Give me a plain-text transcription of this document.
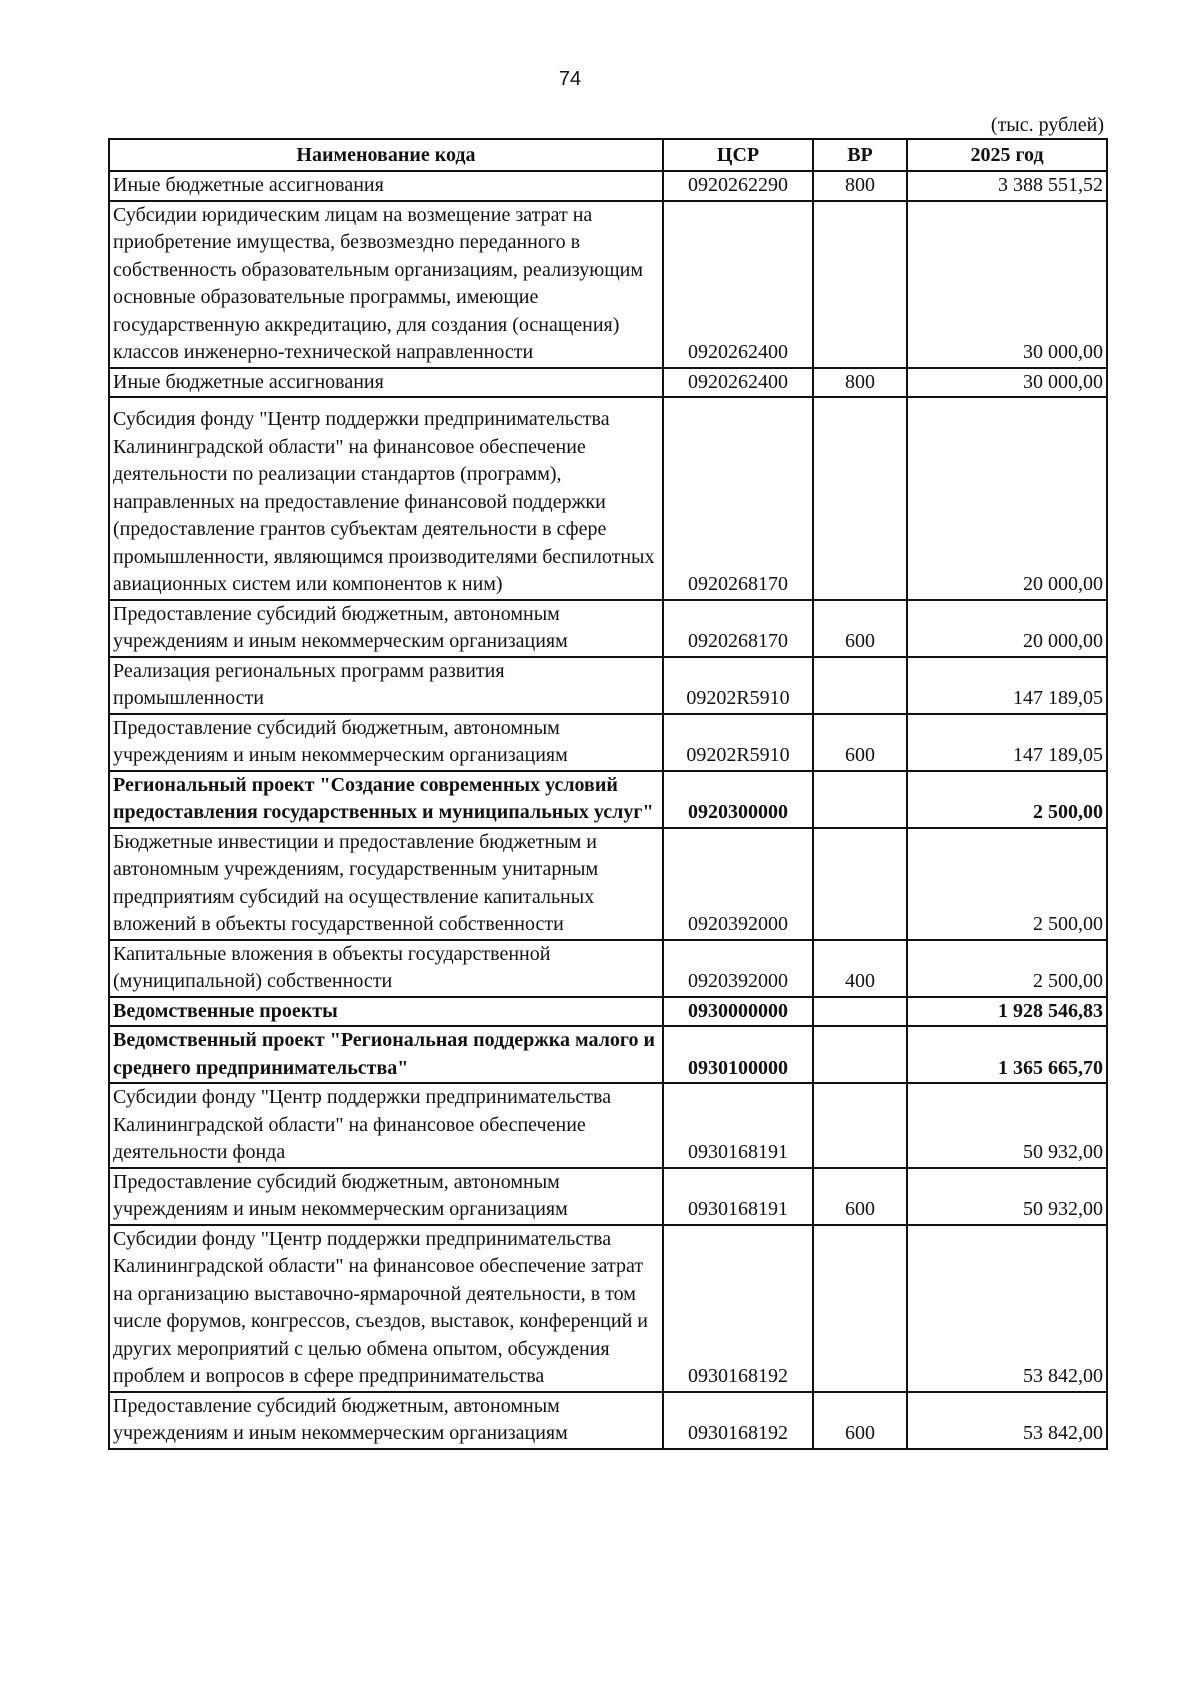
74
(тыс. рублей)
Наименование кода	ЦСР	ВР	2025 год
Иные бюджетные ассигнования	0920262290	800	3 388 551,52
Субсидии юридическим лицам на возмещение затрат на приобретение имущества, безвозмездно переданного в собственность образовательным организациям, реализующим основные образовательные программы, имеющие государственную аккредитацию, для создания (оснащения) классов инженерно-технической направленности	0920262400		30 000,00
Иные бюджетные ассигнования	0920262400	800	30 000,00
Субсидия фонду "Центр поддержки предпринимательства Калининградской области" на финансовое обеспечение деятельности по реализации стандартов (программ), направленных на предоставление финансовой поддержки (предоставление грантов субъектам деятельности в сфере промышленности, являющимся производителями беспилотных авиационных систем или компонентов к ним)	0920268170		20 000,00
Предоставление субсидий бюджетным, автономным учреждениям и иным некоммерческим организациям	0920268170	600	20 000,00
Реализация региональных программ развития промышленности	09202R5910		147 189,05
Предоставление субсидий бюджетным, автономным учреждениям и иным некоммерческим организациям	09202R5910	600	147 189,05
Региональный проект "Создание современных условий предоставления государственных и муниципальных услуг"	0920300000		2 500,00
Бюджетные инвестиции и предоставление бюджетным и автономным учреждениям, государственным унитарным предприятиям субсидий на осуществление капитальных вложений в объекты государственной собственности	0920392000		2 500,00
Капитальные вложения в объекты государственной (муниципальной) собственности	0920392000	400	2 500,00
Ведомственные проекты	0930000000		1 928 546,83
Ведомственный проект "Региональная поддержка малого и среднего предпринимательства"	0930100000		1 365 665,70
Субсидии фонду "Центр поддержки предпринимательства Калининградской области" на финансовое обеспечение деятельности фонда	0930168191		50 932,00
Предоставление субсидий бюджетным, автономным учреждениям и иным некоммерческим организациям	0930168191	600	50 932,00
Субсидии фонду "Центр поддержки предпринимательства Калининградской области" на финансовое обеспечение затрат на организацию выставочно-ярмарочной деятельности, в том числе форумов, конгрессов, съездов, выставок, конференций и других мероприятий с целью обмена опытом, обсуждения проблем и вопросов в сфере предпринимательства	0930168192		53 842,00
Предоставление субсидий бюджетным, автономным учреждениям и иным некоммерческим организациям	0930168192	600	53 842,00
